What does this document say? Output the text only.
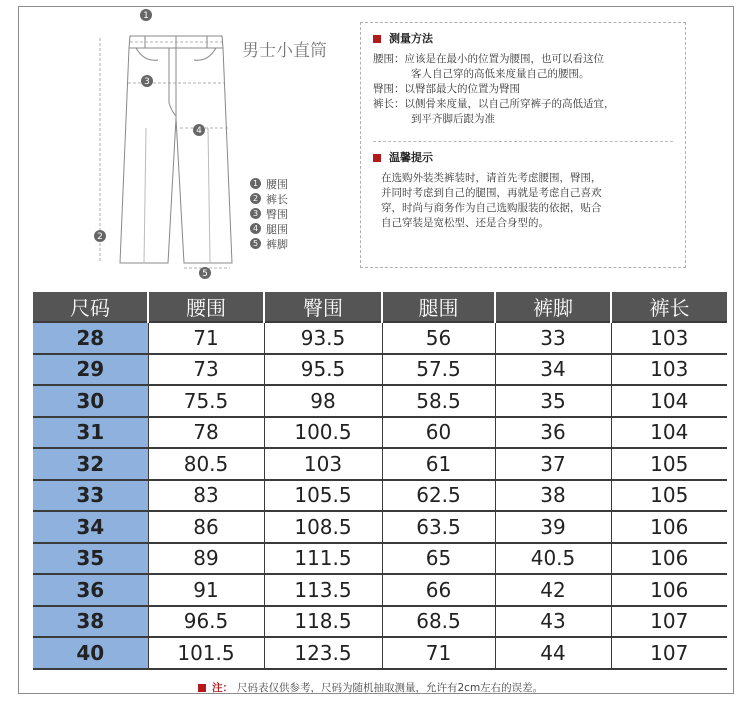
1
2
3
4
5
男士小直筒
1 腰围
2 裤长
3 臀围
4 腿围
5 裤脚
测量方法

腰围：应该是在最小的位置为腰围，也可以看这位

客人自己穿的高低来度量自己的腰围。

臀围：以臀部最大的位置为臀围

裤长：以侧骨来度量，以自己所穿裤子的高低适宜，

到平齐脚后跟为准

温馨提示

在选购外装类裤装时，请首先考虑腰围，臀围，

并同时考虑到自己的腿围，再就是考虑自己喜欢

穿，时尚与商务作为自己选购服装的依据，贴合

自己穿装是宽松型、还是合身型的。

尺码	腰围	臀围	腿围	裤脚	裤长
28	71	93.5	56	33	103
29	73	95.5	57.5	34	103
30	75.5	98	58.5	35	104
31	78	100.5	60	36	104
32	80.5	103	61	37	105
33	83	105.5	62.5	38	105
34	86	108.5	63.5	39	106
35	89	111.5	65	40.5	106
36	91	113.5	66	42	106
38	96.5	118.5	68.5	43	107
40	101.5	123.5	71	44	107
注： 尺码表仅供参考，尺码为随机抽取测量，允许有2cm左右的误差。
